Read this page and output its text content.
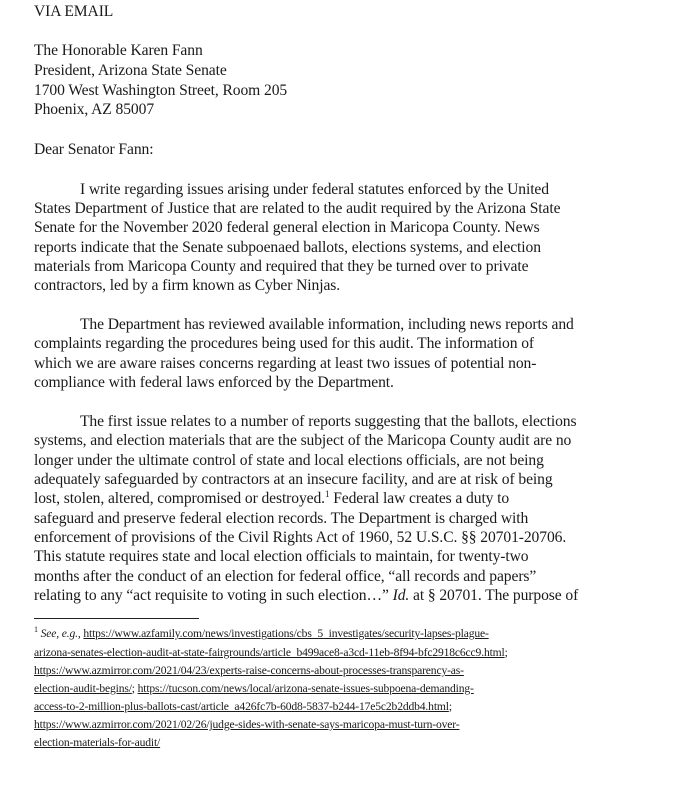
VIA EMAIL
The Honorable Karen Fann
President, Arizona State Senate
1700 West Washington Street, Room 205
Phoenix, AZ 85007
Dear Senator Fann:
I write regarding issues arising under federal statutes enforced by the United
States Department of Justice that are related to the audit required by the Arizona State
Senate for the November 2020 federal general election in Maricopa County. News
reports indicate that the Senate subpoenaed ballots, elections systems, and election
materials from Maricopa County and required that they be turned over to private
contractors, led by a firm known as Cyber Ninjas.
The Department has reviewed available information, including news reports and
complaints regarding the procedures being used for this audit. The information of
which we are aware raises concerns regarding at least two issues of potential non-
compliance with federal laws enforced by the Department.
The first issue relates to a number of reports suggesting that the ballots, elections
systems, and election materials that are the subject of the Maricopa County audit are no
longer under the ultimate control of state and local elections officials, are not being
adequately safeguarded by contractors at an insecure facility, and are at risk of being
lost, stolen, altered, compromised or destroyed.$^1$ Federal law creates a duty to
safeguard and preserve federal election records. The Department is charged with
enforcement of provisions of the Civil Rights Act of 1960, 52 U.S.C. §§ 20701-20706.
This statute requires state and local election officials to maintain, for twenty-two
months after the conduct of an election for federal office, “all records and papers”
relating to any “act requisite to voting in such election…” Id. at § 20701. The purpose of
$^1$ See, e.g., https://www.azfamily.com/news/investigations/cbs_5_investigates/security-lapses-plague-
arizona-senates-election-audit-at-state-fairgrounds/article_b499ace8-a3cd-11eb-8f94-bfc2918c6cc9.html;
https://www.azmirror.com/2021/04/23/experts-raise-concerns-about-processes-transparency-as-
election-audit-begins/; https://tucson.com/news/local/arizona-senate-issues-subpoena-demanding-
access-to-2-million-plus-ballots-cast/article_a426fc7b-60d8-5837-b244-17e5c2b2ddb4.html;
https://www.azmirror.com/2021/02/26/judge-sides-with-senate-says-maricopa-must-turn-over-
election-materials-for-audit/
